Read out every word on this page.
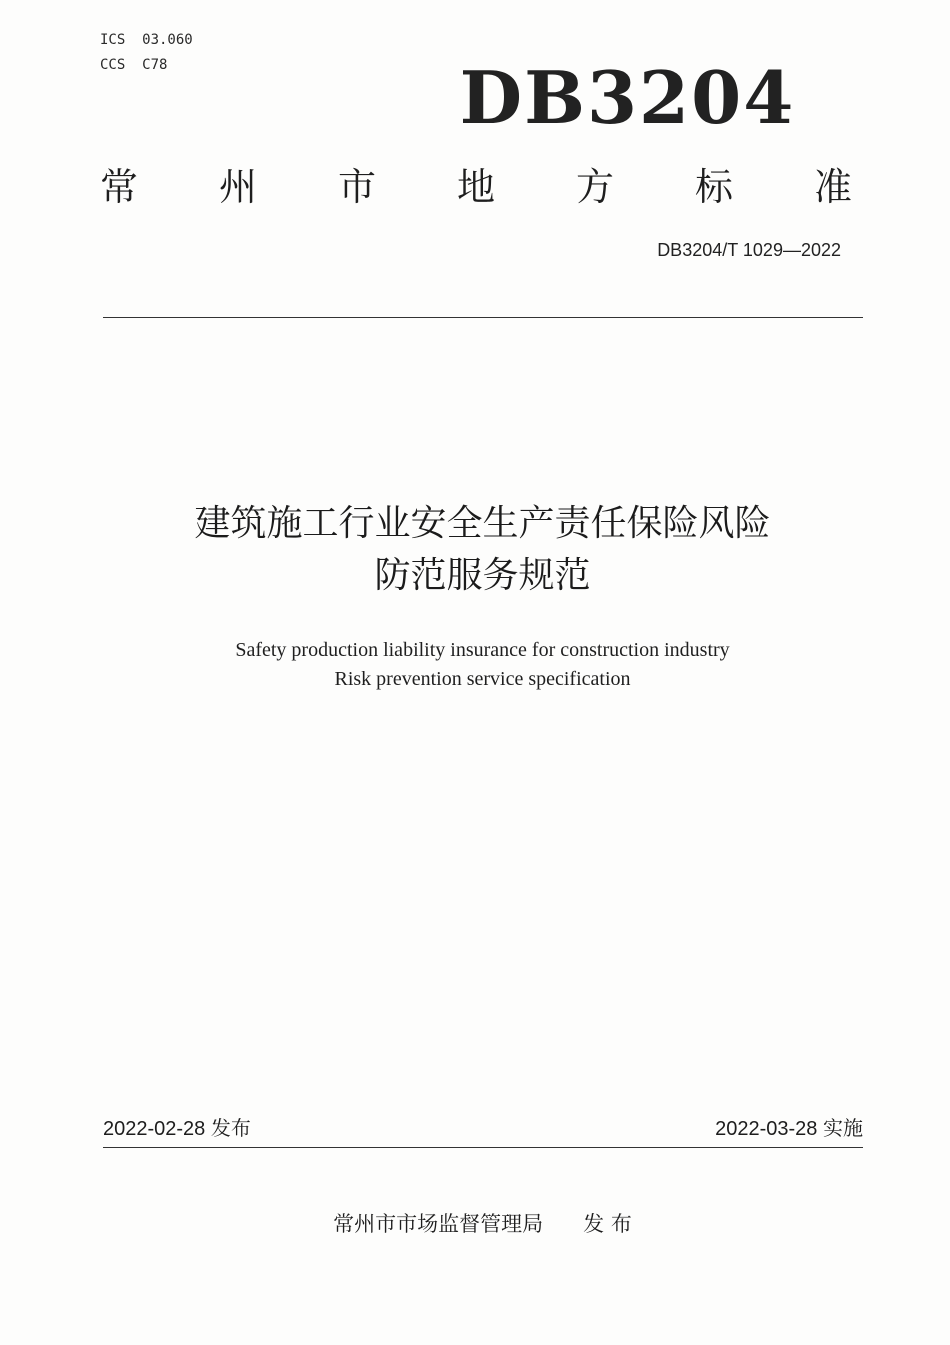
ICS  03.060
CCS  C78	DB3204
常 州 市 地 方 标 准
DB3204/T 1029—2022
建筑施工行业安全生产责任保险风险
防范服务规范
Safety production liability insurance for construction industry
Risk prevention service specification
2022-02-28 发布	2022-03-28 实施
常州市市场监督管理局 发 布
